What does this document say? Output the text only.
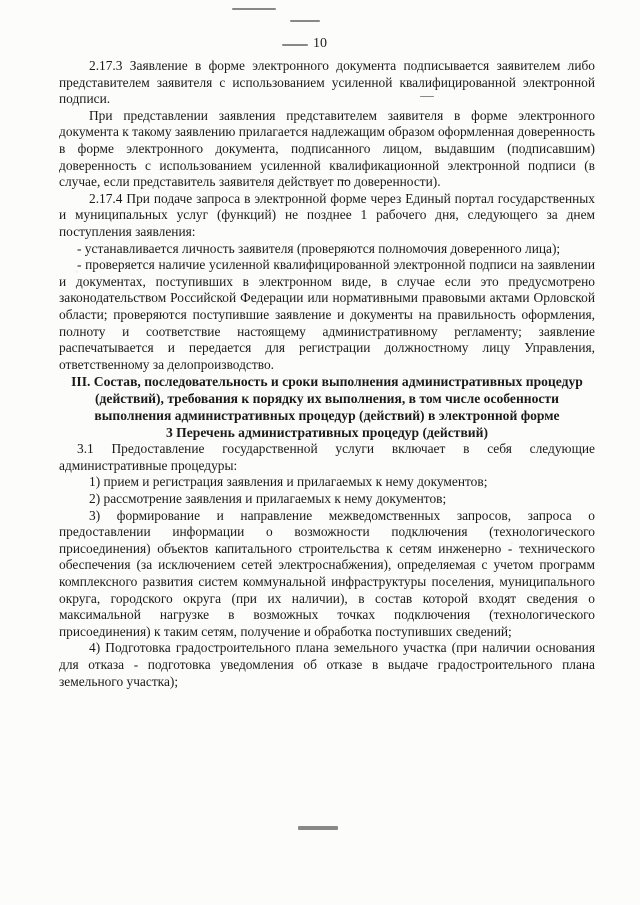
10

2.17.3 Заявление в форме электронного документа подписывается заявителем либо представителем заявителя с использованием усиленной квалифицированной электронной подписи.

При представлении заявления представителем заявителя в форме электронного документа к такому заявлению прилагается надлежащим образом оформленная доверенность в форме электронного документа, подписанного лицом, выдавшим (подписавшим) доверенность с использованием усиленной квалификационной электронной подписи (в случае, если представитель заявителя действует по доверенности).

2.17.4 При подаче запроса в электронной форме через Единый портал государственных и муниципальных услуг (функций) не позднее 1 рабочего дня, следующего за днем поступления заявления:

- устанавливается личность заявителя (проверяются полномочия доверенного лица);

- проверяется наличие усиленной квалифицированной электронной подписи на заявлении и документах, поступивших в электронном виде, в случае если это предусмотрено законодательством Российской Федерации или нормативными правовыми актами Орловской области; проверяются поступившие заявление и документы на правильность оформления, полноту и соответствие настоящему административному регламенту; заявление распечатывается и передается для регистрации должностному лицу Управления, ответственному за делопроизводство.

III. Состав, последовательность и сроки выполнения административных процедур (действий), требования к порядку их выполнения, в том числе особенности выполнения административных процедур (действий) в электронной форме

3 Перечень административных процедур (действий)

3.1 Предоставление государственной услуги включает в себя следующие административные процедуры:

1) прием и регистрация заявления и прилагаемых к нему документов;

2) рассмотрение заявления и прилагаемых к нему документов;

3) формирование и направление межведомственных запросов, запроса о предоставлении информации о возможности подключения (технологического присоединения) объектов капитального строительства к сетям инженерно - технического обеспечения (за исключением сетей электроснабжения), определяемая с учетом программ комплексного развития систем коммунальной инфраструктуры поселения, муниципального округа, городского округа (при их наличии), в состав которой входят сведения о максимальной нагрузке в возможных точках подключения (технологического присоединения) к таким сетям, получение и обработка поступивших сведений;

4) Подготовка градостроительного плана земельного участка (при наличии основания для отказа - подготовка уведомления об отказе в выдаче градостроительного плана земельного участка);
